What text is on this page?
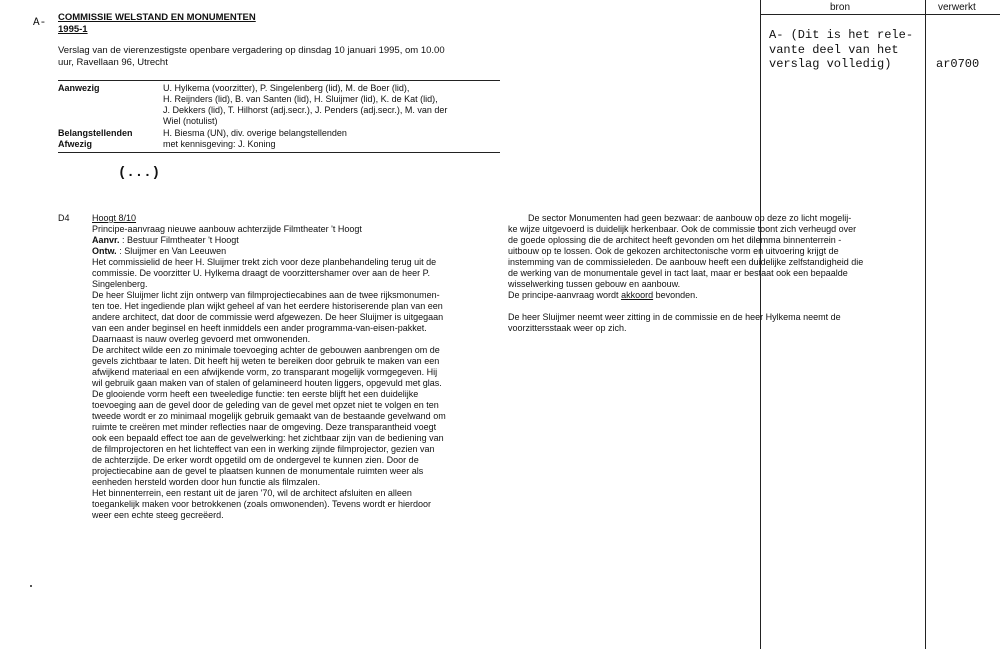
bron	verwerkt
A- (Dit is het rele-
vante deel van het
verslag volledig)	ar0700
A- COMMISSIE WELSTAND EN MONUMENTEN
1995-1
Verslag van de vierenzestigste openbare vergadering op dinsdag 10 januari 1995, om 10.00
uur, Ravellaan 96, Utrecht
Aanwezig	U. Hylkema (voorzitter), P. Singelenberg (lid), M. de Boer (lid),
H. Reijnders (lid), B. van Santen (lid), H. Sluijmer (lid), K. de Kat (lid),
J. Dekkers (lid), T. Hilhorst (adj.secr.), J. Penders (adj.secr.), M. van der
Wiel (notulist)
Belangstellenden	H. Biesma (UN), div. overige belangstellenden
Afwezig	met kennisgeving: J. Koning
(...)
D4 Hoogt 8/10
Principe-aanvraag nieuwe aanbouw achterzijde Filmtheater 't Hoogt
Aanvr. : Bestuur Filmtheater 't Hoogt
Ontw. : Sluijmer en Van Leeuwen
Het commissielid de heer H. Sluijmer trekt zich voor deze planbehandeling terug uit de
commissie. De voorzitter U. Hylkema draagt de voorzittershamer over aan de heer P.
Singelenberg.
De heer Sluijmer licht zijn ontwerp van filmprojectiecabines aan de twee rijksmonumen-
ten toe. Het ingediende plan wijkt geheel af van het eerdere historiserende plan van een
andere architect, dat door de commissie werd afgewezen. De heer Sluijmer is uitgegaan
van een ander beginsel en heeft inmiddels een ander programma-van-eisen-pakket.
Daarnaast is nauw overleg gevoerd met omwonenden.
De architect wilde een zo minimale toevoeging achter de gebouwen aanbrengen om de
gevels zichtbaar te laten. Dit heeft hij weten te bereiken door gebruik te maken van een
afwijkend materiaal en een afwijkende vorm, zo transparant mogelijk vormgegeven. Hij
wil gebruik gaan maken van of stalen of gelamineerd houten liggers, opgevuld met glas.
De glooiende vorm heeft een tweeledige functie: ten eerste blijft het een duidelijke
toevoeging aan de gevel door de geleding van de gevel met opzet niet te volgen en ten
tweede wordt er zo minimaal mogelijk gebruik gemaakt van de bestaande gevelwand om
ruimte te creëren met minder reflecties naar de omgeving. Deze transparantheid voegt
ook een bepaald effect toe aan de gevelwerking: het zichtbaar zijn van de bediening van
de filmprojectoren en het lichteffect van een in werking zijnde filmprojector, gezien van
de achterzijde. De erker wordt opgetild om de ondergevel te kunnen zien. Door de
projectiecabine aan de gevel te plaatsen kunnen de monumentale ruimten weer als
eenheden hersteld worden door hun functie als filmzalen.
Het binnenterrein, een restant uit de jaren '70, wil de architect afsluiten en alleen
toegankelijk maken voor betrokkenen (zoals omwonenden). Tevens wordt er hierdoor
weer een echte steeg gecreëerd.
De sector Monumenten had geen bezwaar: de aanbouw op deze zo licht mogelij-
ke wijze uitgevoerd is duidelijk herkenbaar. Ook de commissie toont zich verheugd over
de goede oplossing die de architect heeft gevonden om het dilemma binnenterrein -
uitbouw op te lossen. Ook de gekozen architectonische vorm en uitvoering krijgt de
instemming van de commissieleden. De aanbouw heeft een duidelijke zelfstandigheid die
de werking van de monumentale gevel in tact laat, maar er bestaat ook een bepaalde
wisselwerking tussen gebouw en aanbouw.
De principe-aanvraag wordt akkoord bevonden.
De heer Sluijmer neemt weer zitting in de commissie en de heer Hylkema neemt de
voorzittersstaak weer op zich.
